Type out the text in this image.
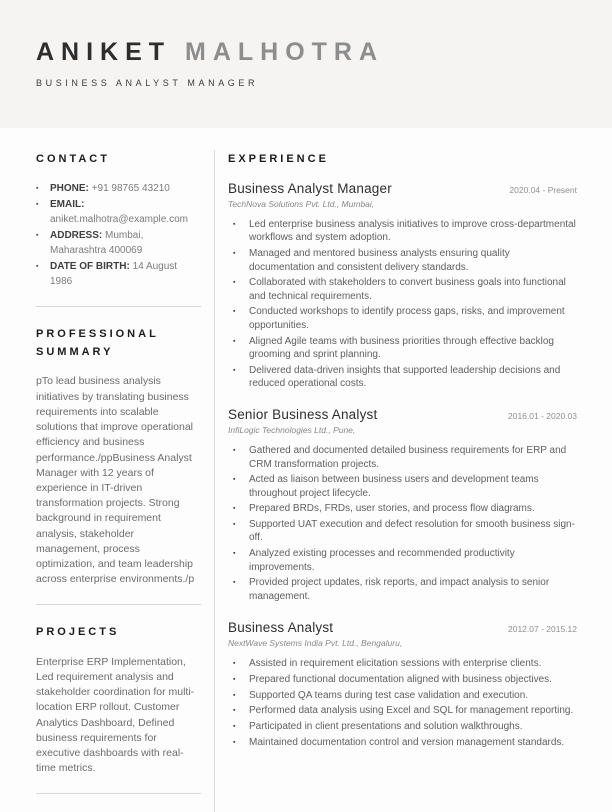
ANIKET MALHOTRA
BUSINESS ANALYST MANAGER
CONTACT
▪ PHONE: +91 98765 43210
▪ EMAIL: aniket.malhotra@example.com
▪ ADDRESS: Mumbai, Maharashtra 400069
▪ DATE OF BIRTH: 14 August 1986
PROFESSIONAL SUMMARY

pTo lead business analysis initiatives by translating business requirements into scalable solutions that improve operational efficiency and business performance./ppBusiness Analyst Manager with 12 years of experience in IT-driven transformation projects. Strong background in requirement analysis, stakeholder management, process optimization, and team leadership across enterprise environments./p

PROJECTS

Enterprise ERP Implementation, Led requirement analysis and stakeholder coordination for multi-location ERP rollout. Customer Analytics Dashboard, Defined business requirements for executive dashboards with real-time metrics.

EXPERIENCE
Business Analyst Manager	2020.04 - Present
TechNova Solutions Pvt. Ltd., Mumbai,
▪ Led enterprise business analysis initiatives to improve cross-departmental workflows and system adoption.
▪ Managed and mentored business analysts ensuring quality documentation and consistent delivery standards.
▪ Collaborated with stakeholders to convert business goals into functional and technical requirements.
▪ Conducted workshops to identify process gaps, risks, and improvement opportunities.
▪ Aligned Agile teams with business priorities through effective backlog grooming and sprint planning.
▪ Delivered data-driven insights that supported leadership decisions and reduced operational costs.
Senior Business Analyst	2016.01 - 2020.03
InfiLogic Technologies Ltd., Pune,
▪ Gathered and documented detailed business requirements for ERP and CRM transformation projects.
▪ Acted as liaison between business users and development teams throughout project lifecycle.
▪ Prepared BRDs, FRDs, user stories, and process flow diagrams.
▪ Supported UAT execution and defect resolution for smooth business sign-off.
▪ Analyzed existing processes and recommended productivity improvements.
▪ Provided project updates, risk reports, and impact analysis to senior management.
Business Analyst	2012.07 - 2015.12
NextWave Systems India Pvt. Ltd., Bengaluru,
▪ Assisted in requirement elicitation sessions with enterprise clients.
▪ Prepared functional documentation aligned with business objectives.
▪ Supported QA teams during test case validation and execution.
▪ Performed data analysis using Excel and SQL for management reporting.
▪ Participated in client presentations and solution walkthroughs.
▪ Maintained documentation control and version management standards.
